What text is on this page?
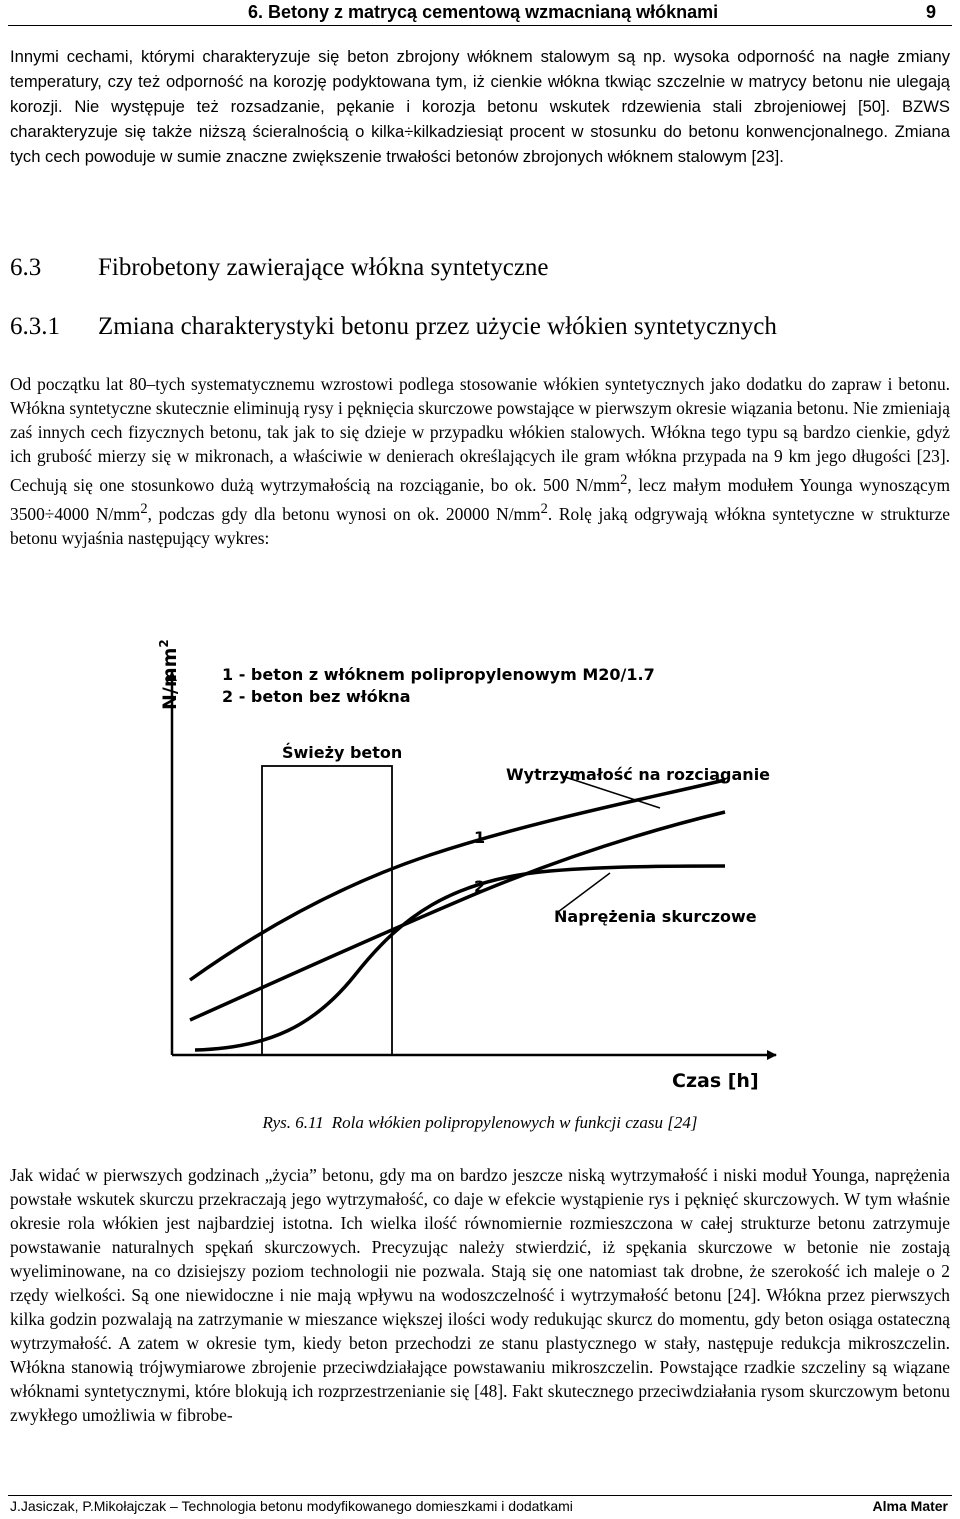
6. Betony z matrycą cementową wzmacnianą włóknami	9
Innymi cechami, którymi charakteryzuje się beton zbrojony włóknem stalowym są np. wysoka odporność na nagłe zmiany temperatury, czy też odporność na korozję podyktowana tym, iż cienkie włókna tkwiąc szczelnie w matrycy betonu nie ulegają korozji. Nie występuje też rozsadzanie, pękanie i korozja betonu wskutek rdzewienia stali zbrojeniowej [50]. BZWS charakteryzuje się także niższą ścieralnością o kilka÷kilkadziesiąt procent w stosunku do betonu konwencjonalnego. Zmiana tych cech powoduje w sumie znaczne zwiększenie trwałości betonów zbrojonych włóknem stalowym [23].
6.3 Fibrobetony zawierające włókna syntetyczne
6.3.1 Zmiana charakterystyki betonu przez użycie włókien syntetycznych
Od początku lat 80–tych systematycznemu wzrostowi podlega stosowanie włókien syntetycznych jako dodatku do zapraw i betonu. Włókna syntetyczne skutecznie eliminują rysy i pęknięcia skurczowe powstające w pierwszym okresie wiązania betonu. Nie zmieniają zaś innych cech fizycznych betonu, tak jak to się dzieje w przypadku włókien stalowych. Włókna tego typu są bardzo cienkie, gdyż ich grubość mierzy się w mikronach, a właściwie w denierach określających ile gram włókna przypada na 9 km jego długości [23]. Cechują się one stosunkowo dużą wytrzymałością na rozciąganie, bo ok. 500 $N/mm^2$, lecz małym modułem Younga wynoszącym 3500÷4000 $N/mm^2$, podczas gdy dla betonu wynosi on ok. 20000 $N/mm^2$. Rolę jaką odgrywają włókna syntetyczne w strukturze betonu wyjaśnia następujący wykres:
$N/mm^2$
Czas [h]
1 - beton z włóknem polipropylenowym M20/1.7
2 - beton bez włókna
Świeży beton
Wytrzymałość na rozciąganie
Naprężenia skurczowe
1
2
Rys. 6.11 Rola włókien polipropylenowych w funkcji czasu [24]
Jak widać w pierwszych godzinach „życia” betonu, gdy ma on bardzo jeszcze niską wytrzymałość i niski moduł Younga, naprężenia powstałe wskutek skurczu przekraczają jego wytrzymałość, co daje w efekcie wystąpienie rys i pęknięć skurczowych. W tym właśnie okresie rola włókien jest najbardziej istotna. Ich wielka ilość równomiernie rozmieszczona w całej strukturze betonu zatrzymuje powstawanie naturalnych spękań skurczowych. Precyzując należy stwierdzić, iż spękania skurczowe w betonie nie zostają wyeliminowane, na co dzisiejszy poziom technologii nie pozwala. Stają się one natomiast tak drobne, że szerokość ich maleje o 2 rzędy wielkości. Są one niewidoczne i nie mają wpływu na wodoszczelność i wytrzymałość betonu [24]. Włókna przez pierwszych kilka godzin pozwalają na zatrzymanie w mieszance większej ilości wody redukując skurcz do momentu, gdy beton osiąga ostateczną wytrzymałość. A zatem w okresie tym, kiedy beton przechodzi ze stanu plastycznego w stały, następuje redukcja mikroszczelin. Włókna stanowią trójwymiarowe zbrojenie przeciwdziałające powstawaniu mikroszczelin. Powstające rzadkie szczeliny są wiązane włóknami syntetycznymi, które blokują ich rozprzestrzenianie się [48]. Fakt skutecznego przeciwdziałania rysom skurczowym betonu zwykłego umożliwia w fibrobe-
J.Jasiczak, P.Mikołajczak – Technologia betonu modyfikowanego domieszkami i dodatkami	Alma Mater
